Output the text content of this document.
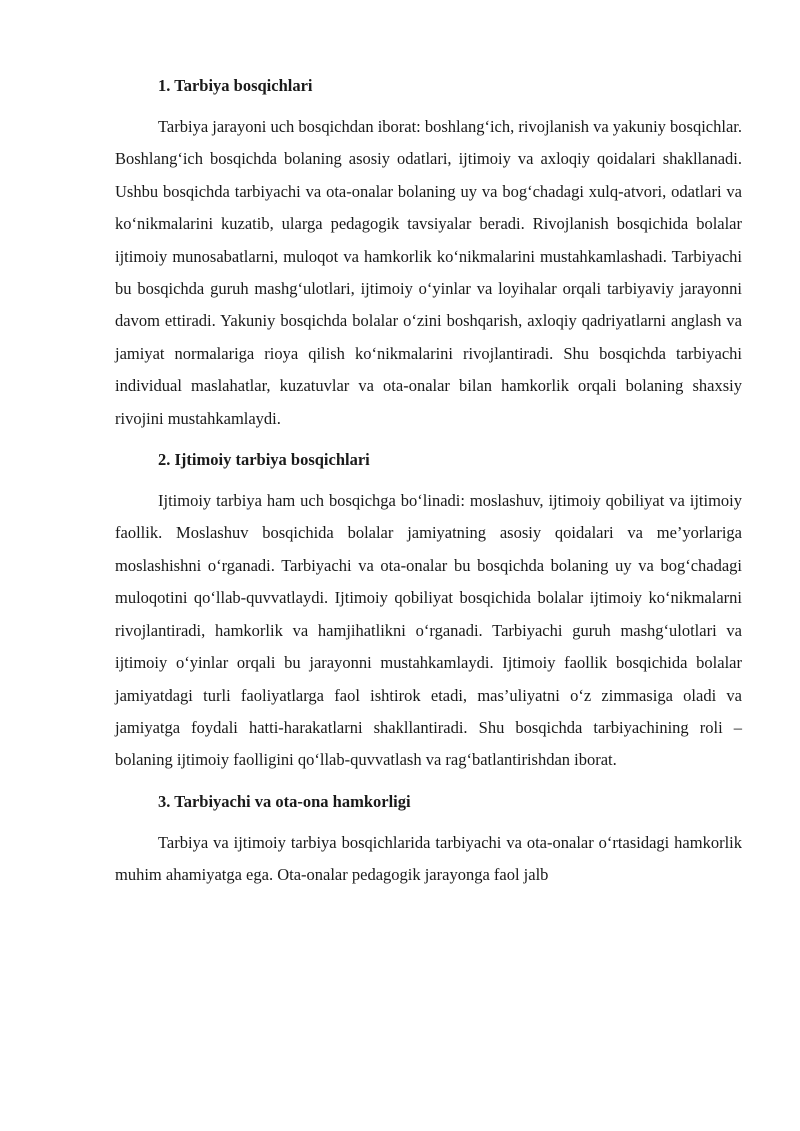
1. Tarbiya bosqichlari

Tarbiya jarayoni uch bosqichdan iborat: boshlang‘ich, rivojlanish va yakuniy bosqichlar. Boshlang‘ich bosqichda bolaning asosiy odatlari, ijtimoiy va axloqiy qoidalari shakllanadi. Ushbu bosqichda tarbiyachi va ota-onalar bolaning uy va bog‘chadagi xulq-atvori, odatlari va ko‘nikmalarini kuzatib, ularga pedagogik tavsiyalar beradi. Rivojlanish bosqichida bolalar ijtimoiy munosabatlarni, muloqot va hamkorlik ko‘nikmalarini mustahkamlashadi. Tarbiyachi bu bosqichda guruh mashg‘ulotlari, ijtimoiy o‘yinlar va loyihalar orqali tarbiyaviy jarayonni davom ettiradi. Yakuniy bosqichda bolalar o‘zini boshqarish, axloqiy qadriyatlarni anglash va jamiyat normalariga rioya qilish ko‘nikmalarini rivojlantiradi. Shu bosqichda tarbiyachi individual maslahatlar, kuzatuvlar va ota-onalar bilan hamkorlik orqali bolaning shaxsiy rivojini mustahkamlaydi.

2. Ijtimoiy tarbiya bosqichlari

Ijtimoiy tarbiya ham uch bosqichga bo‘linadi: moslashuv, ijtimoiy qobiliyat va ijtimoiy faollik. Moslashuv bosqichida bolalar jamiyatning asosiy qoidalari va me’yorlariga moslashishni o‘rganadi. Tarbiyachi va ota-onalar bu bosqichda bolaning uy va bog‘chadagi muloqotini qo‘llab-quvvatlaydi. Ijtimoiy qobiliyat bosqichida bolalar ijtimoiy ko‘nikmalarni rivojlantiradi, hamkorlik va hamjihatlikni o‘rganadi. Tarbiyachi guruh mashg‘ulotlari va ijtimoiy o‘yinlar orqali bu jarayonni mustahkamlaydi. Ijtimoiy faollik bosqichida bolalar jamiyatdagi turli faoliyatlarga faol ishtirok etadi, mas’uliyatni o‘z zimmasiga oladi va jamiyatga foydali hatti-harakatlarni shakllantiradi. Shu bosqichda tarbiyachining roli – bolaning ijtimoiy faolligini qo‘llab-quvvatlash va rag‘batlantirishdan iborat.

3. Tarbiyachi va ota-ona hamkorligi

Tarbiya va ijtimoiy tarbiya bosqichlarida tarbiyachi va ota-onalar o‘rtasidagi hamkorlik muhim ahamiyatga ega. Ota-onalar pedagogik jarayonga faol jalb
